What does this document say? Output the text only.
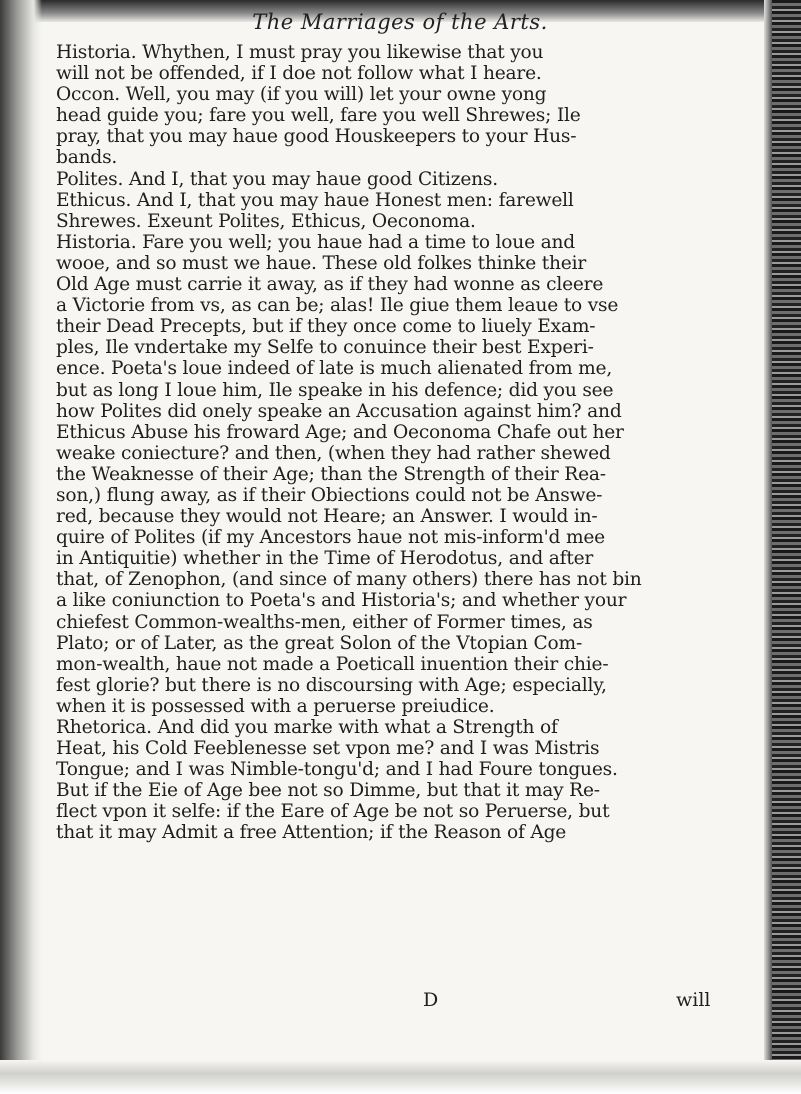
The Marriages of the Arts.
Historia. Whythen, I must pray you likewise that you
will not be offended, if I doe not follow what I heare.
Occon. Well, you may (if you will) let your owne yong
head guide you; fare you well, fare you well Shrewes; Ile
pray, that you may haue good Houskeepers to your Hus-
bands.
Polites. And I, that you may haue good Citizens.
Ethicus. And I, that you may haue Honest men: farewell
Shrewes. Exeunt Polites, Ethicus, Oeconoma.
Historia. Fare you well; you haue had a time to loue and
wooe, and so must we haue. These old folkes thinke their
Old Age must carrie it away, as if they had wonne as cleere
a Victorie from vs, as can be; alas! Ile giue them leaue to vse
their Dead Precepts, but if they once come to liuely Exam-
ples, Ile vndertake my Selfe to conuince their best Experi-
ence. Poeta's loue indeed of late is much alienated from me,
but as long I loue him, Ile speake in his defence; did you see
how Polites did onely speake an Accusation against him? and
Ethicus Abuse his froward Age; and Oeconoma Chafe out her
weake coniecture? and then, (when they had rather shewed
the Weaknesse of their Age; than the Strength of their Rea-
son,) flung away, as if their Obiections could not be Answe-
red, because they would not Heare; an Answer. I would in-
quire of Polites (if my Ancestors haue not mis-inform'd mee
in Antiquitie) whether in the Time of Herodotus, and after
that, of Zenophon, (and since of many others) there has not bin
a like coniunction to Poeta's and Historia's; and whether your
chiefest Common-wealths-men, either of Former times, as
Plato; or of Later, as the great Solon of the Vtopian Com-
mon-wealth, haue not made a Poeticall inuention their chie-
fest glorie? but there is no discoursing with Age; especially,
when it is possessed with a peruerse preiudice.
Rhetorica. And did you marke with what a Strength of
Heat, his Cold Feeblenesse set vpon me? and I was Mistris
Tongue; and I was Nimble-tongu'd; and I had Foure tongues.
But if the Eie of Age bee not so Dimme, but that it may Re-
flect vpon it selfe: if the Eare of Age be not so Peruerse, but
that it may Admit a free Attention; if the Reason of Age
D	will
